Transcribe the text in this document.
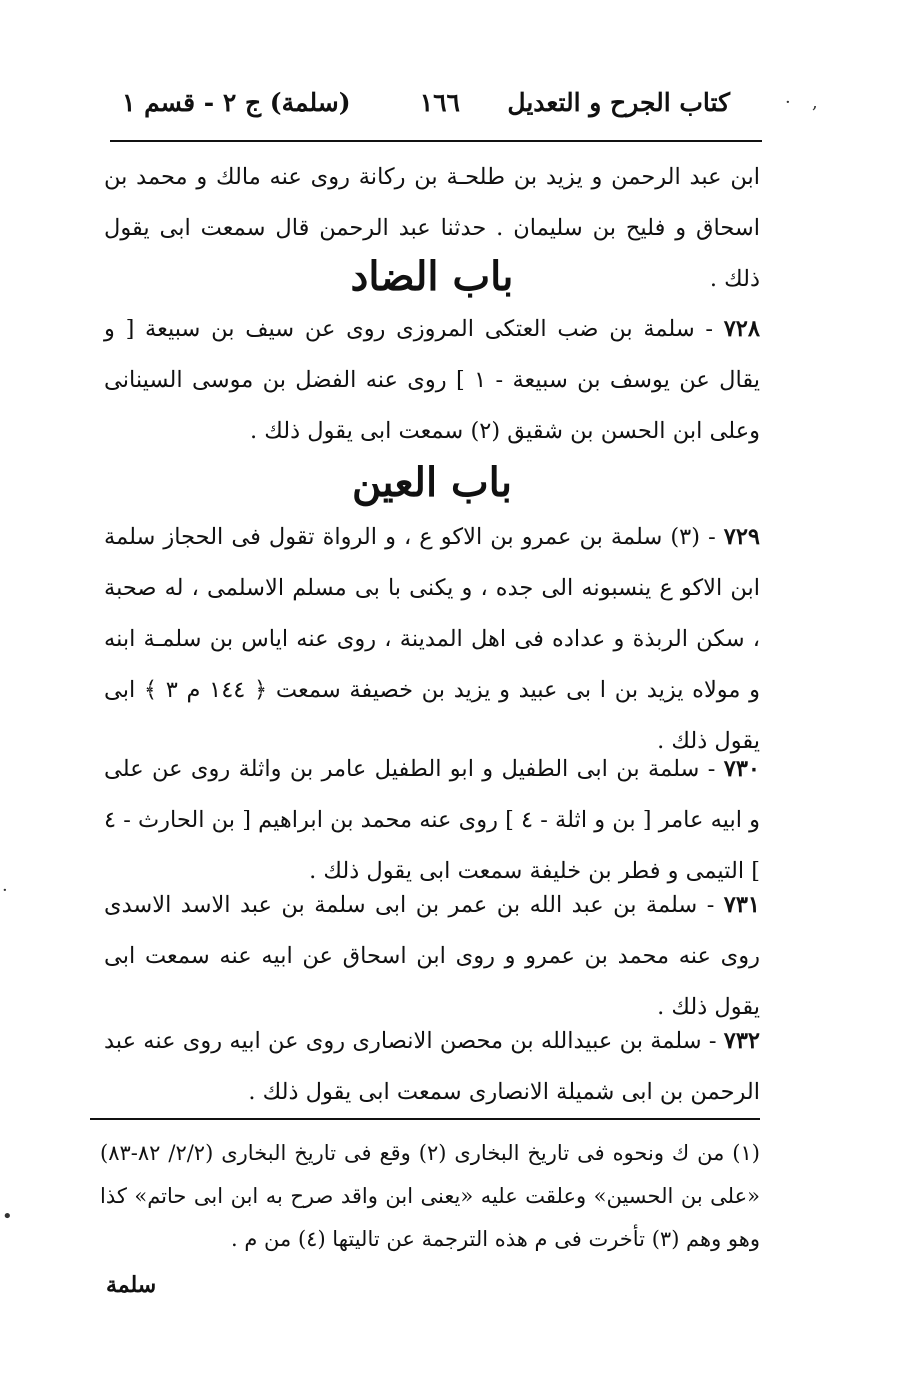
· ,
كتاب الجرح و التعديل
١٦٦
(سلمة) ج ٢ - قسم ١
ابن عبد الرحمن و يزيد بن طلحـة بن ركانة روى عنه مالك و محمد بن اسحاق و فليح بن سليمان . حدثنا عبد الرحمن قال سمعت ابى يقول ذلك .
باب الضاد
٧٢٨ - سلمة بن ضب العتكى المروزى روى عن سيف بن سبيعة [ و يقال عن يوسف بن سبيعة - ١ ] روى عنه الفضل بن موسى السينانى وعلى ابن الحسن بن شقيق (٢) سمعت ابى يقول ذلك .
باب العين
٧٢٩ - (٣) سلمة بن عمرو بن الاكو ع ، و الرواة تقول فى الحجاز سلمة ابن الاكو ع ينسبونه الى جده ، و يكنى با بى مسلم الاسلمى ، له صحبة ، سكن الربذة و عداده فى اهل المدينة ، روى عنه اياس بن سلمـة ابنه و مولاه يزيد بن ا بى عبيد و يزيد بن خصيفة سمعت ﴿ ١٤٤ م ٣ ﴾ ابى يقول ذلك .
٧٣٠ - سلمة بن ابى الطفيل و ابو الطفيل عامر بن واثلة روى عن على و ابيه عامر [ بن و اثلة - ٤ ] روى عنه محمد بن ابراهيم [ بن الحارث - ٤ ] التيمى و فطر بن خليفة سمعت ابى يقول ذلك .
٧٣١ - سلمة بن عبد الله بن عمر بن ابى سلمة بن عبد الاسد الاسدى روى عنه محمد بن عمرو و روى ابن اسحاق عن ابيه عنه سمعت ابى يقول ذلك .
٧٣٢ - سلمة بن عبيدالله بن محصن الانصارى روى عن ابيه روى عنه عبد الرحمن بن ابى شميلة الانصارى سمعت ابى يقول ذلك .
(١) من ك ونحوه فى تاريخ البخارى (٢) وقع فى تاريخ البخارى (٢/٢/ ٨٢-٨٣) «على بن الحسين» وعلقت عليه «يعنى ابن واقد صرح به ابن ابى حاتم» كذا وهو وهم (٣) تأخرت فى م هذه الترجمة عن تاليتها (٤) من م .
سلمة
·
•
